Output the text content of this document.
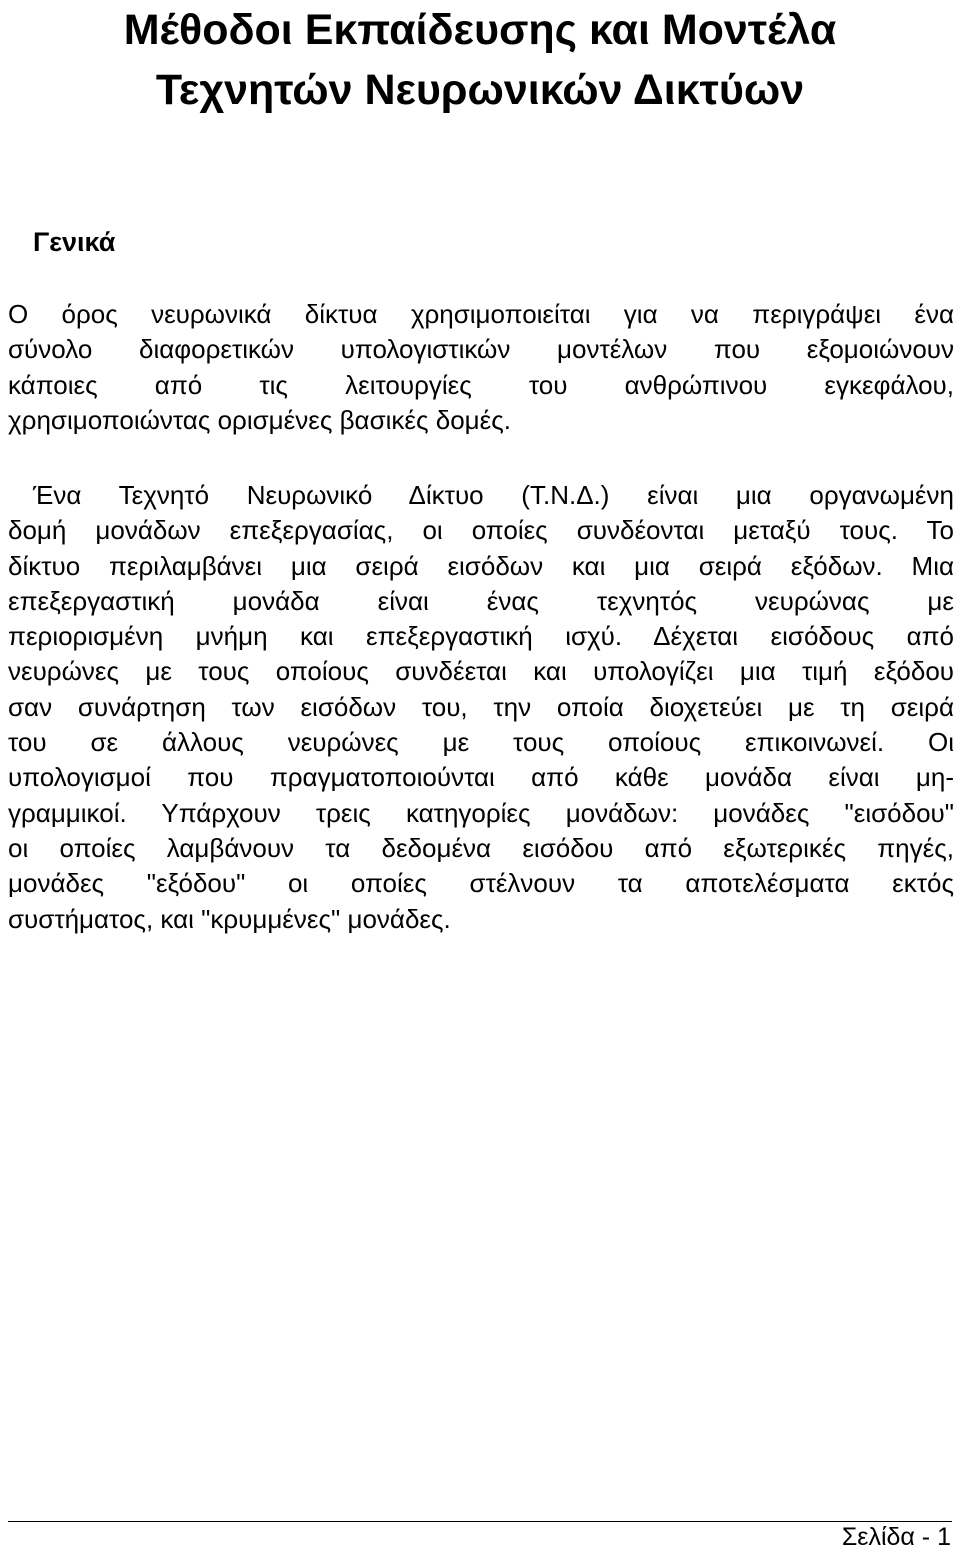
Μέθοδοι Εκπαίδευσης και Μοντέλα
Τεχνητών Νευρωνικών Δικτύων
Γενικά

Ο όρος νευρωνικά δίκτυα χρησιμοποιείται για να περιγράψει ένα
σύνολο διαφορετικών υπολογιστικών μοντέλων που εξομοιώνουν
κάποιες από τις λειτουργίες του ανθρώπινου εγκεφάλου,
χρησιμοποιώντας ορισμένες βασικές δομές.

Ένα Τεχνητό Νευρωνικό Δίκτυο (Τ.Ν.Δ.) είναι μια οργανωμένη
δομή μονάδων επεξεργασίας, οι οποίες συνδέονται μεταξύ τους. Το
δίκτυο περιλαμβάνει μια σειρά εισόδων και μια σειρά εξόδων. Μια
επεξεργαστική μονάδα είναι ένας τεχνητός νευρώνας με
περιορισμένη μνήμη και επεξεργαστική ισχύ. Δέχεται εισόδους από
νευρώνες με τους οποίους συνδέεται και υπολογίζει μια τιμή εξόδου
σαν συνάρτηση των εισόδων του, την οποία διοχετεύει με τη σειρά
του σε άλλους νευρώνες με τους οποίους επικοινωνεί. Οι
υπολογισμοί που πραγματοποιούνται από κάθε μονάδα είναι μη-
γραμμικοί. Υπάρχουν τρεις κατηγορίες μονάδων: μονάδες "εισόδου"
οι οποίες λαμβάνουν τα δεδομένα εισόδου από εξωτερικές πηγές,
μονάδες "εξόδου" οι οποίες στέλνουν τα αποτελέσματα εκτός
συστήματος, και "κρυμμένες" μονάδες.

Σελίδα - 1
